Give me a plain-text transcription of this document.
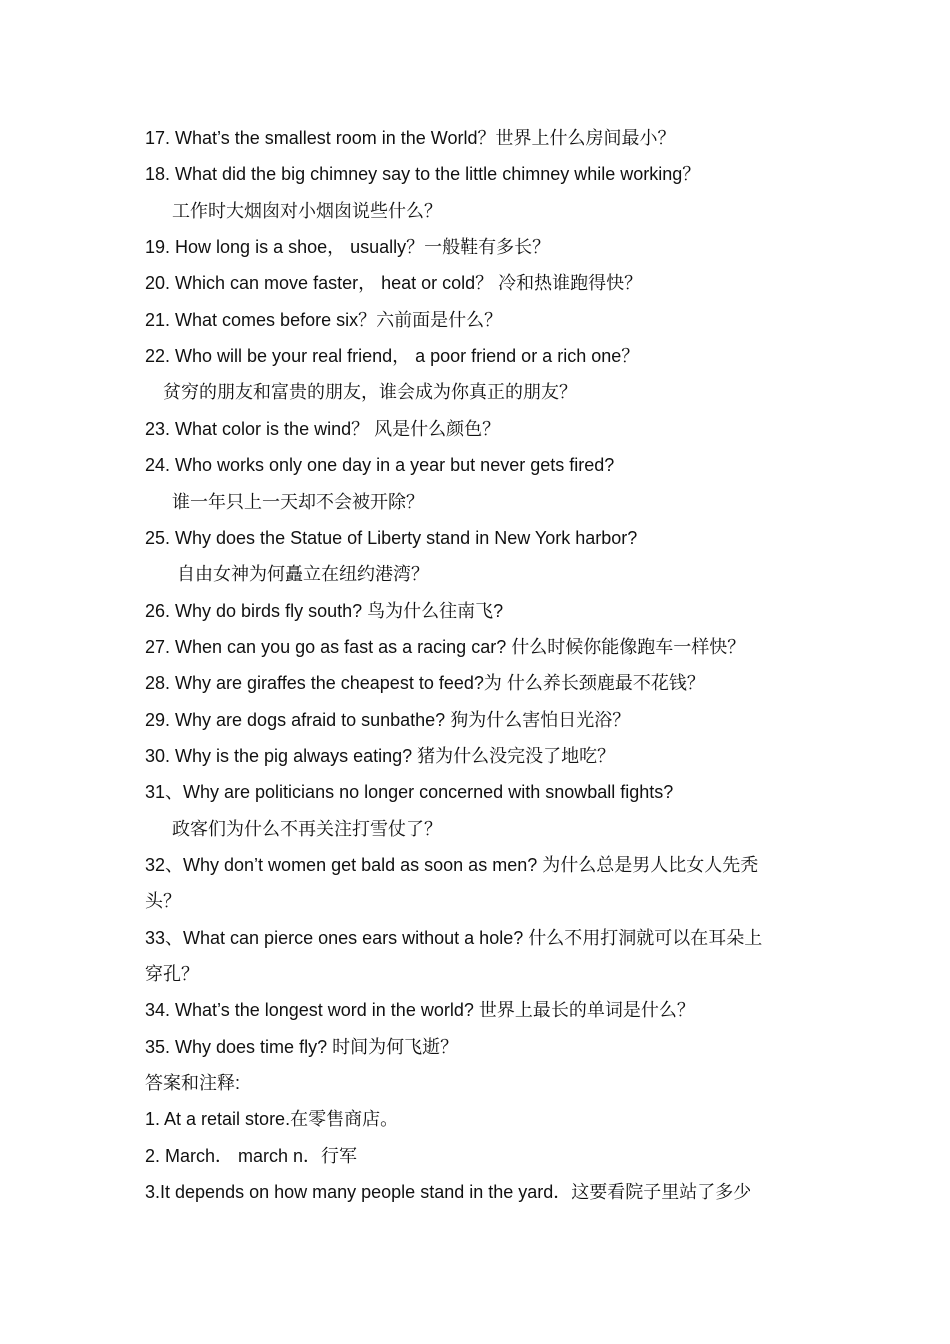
17. What’s the smallest room in the World？世界上什么房间最小？
18. What did the big chimney say to the little chimney while working？
工作时大烟囱对小烟囱说些什么？
19. How long is a shoe， usually？一般鞋有多长？
20. Which can move faster， heat or cold？ 冷和热谁跑得快？
21. What comes before six？六前面是什么？
22. Who will be your real friend， a poor friend or a rich one？
贫穷的朋友和富贵的朋友，谁会成为你真正的朋友？
23. What color is the wind？ 风是什么颜色？
24. Who works only one day in a year but never gets fired?
谁一年只上一天却不会被开除？
25. Why does the Statue of Liberty stand in New York harbor?
自由女神为何矗立在纽约港湾？
26. Why do birds fly south? 鸟为什么往南飞?
27. When can you go as fast as a racing car? 什么时候你能像跑车一样快？
28. Why are giraffes the cheapest to feed?为 什么养长颈鹿最不花钱？
29. Why are dogs afraid to sunbathe? 狗为什么害怕日光浴？
30. Why is the pig always eating? 猪为什么没完没了地吃？
31、Why are politicians no longer concerned with snowball fights?
政客们为什么不再关注打雪仗了？
32、Why don’t women get bald as soon as men? 为什么总是男人比女人先秃
头？
33、What can pierce ones ears without a hole? 什么不用打洞就可以在耳朵上
穿孔？
34. What’s the longest word in the world? 世界上最长的单词是什么？
35. Why does time fly? 时间为何飞逝？
答案和注释:
1. At a retail store.在零售商店。
2. March． march n．行军
3.It depends on how many people stand in the yard．这要看院子里站了多少
